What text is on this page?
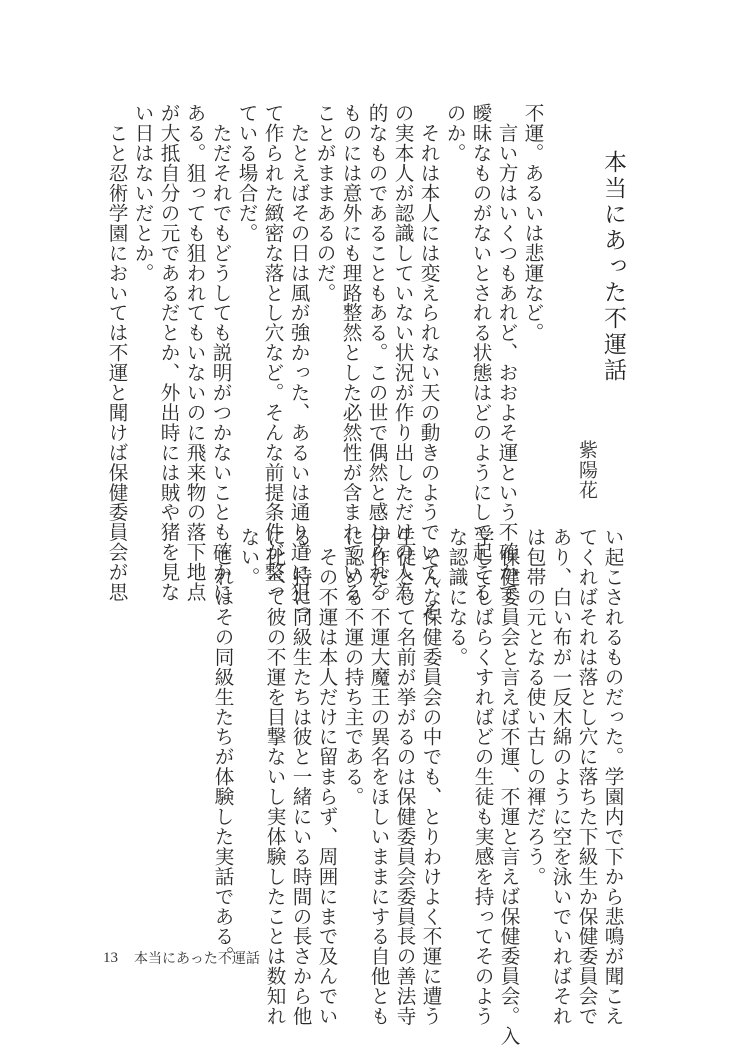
本当にあった不運話
紫陽花
不運。あるいは悲運など。
　言い方はいくつもあれど、おおよそ運という不確かで
曖昧なものがないとされる状態はどのようにして起こる
のか。
　それは本人には変えられない天の動きのようでいて、そ
の実本人が認識していない状況が作り出しただけの人為
的なものであることもある。この世で偶然と感じられる
ものには意外にも理路整然とした必然性が含まれている
ことがままあるのだ。
　たとえばその日は風が強かった、あるいは通り道に狙っ
て作られた緻密な落とし穴など。そんな前提条件が整っ
ている場合だ。
　ただそれでもどうしても説明がつかないことも確かに
ある。狙っても狙われてもいないのに飛来物の落下地点
が大抵自分の元であるだとか、外出時には賊や猪を見な
い日はないだとか。
　こと忍術学園においては不運と聞けば保健委員会が思
い起こされるものだった。学園内で下から悲鳴が聞こえ
てくればそれは落とし穴に落ちた下級生か保健委員会で
あり、白い布が一反木綿のように空を泳いでいればそれ
は包帯の元となる使い古しの褌だろう。
　保健委員会と言えば不運、不運と言えば保健委員会。入
学してしばらくすればどの生徒も実感を持ってそのよう
な認識になる。
　そんな保健委員会の中でも、とりわけよく不運に遭う
生徒として名前が挙がるのは保健委員会委員長の善法寺
伊作だ。不運大魔王の異名をほしいままにする自他とも
に認める不運の持ち主である。
　その不運は本人だけに留まらず、周囲にまで及んでい
る。特に同級生たちは彼と一緒にいる時間の長さから他
に比べて彼の不運を目撃ないし実体験したことは数知れ
ない。
　これはその同級生たちが体験した実話である。
13 本当にあった不運話
